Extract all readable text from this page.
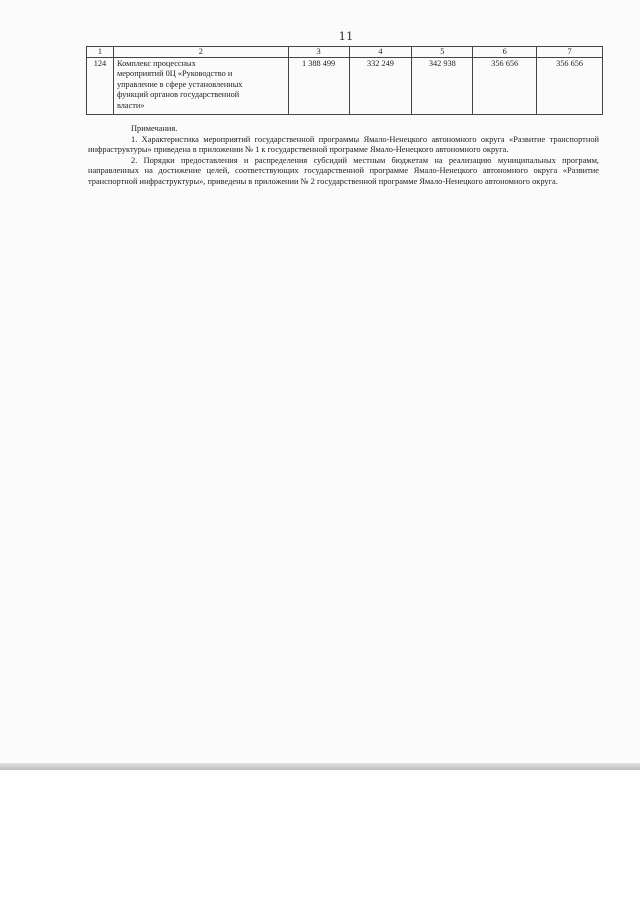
11
1	2	3	4	5	6	7
124	Комплекс процессных
мероприятий 0Ц «Руководство и
управление в сфере установленных
функций органов государственной
власти»	1 388 499	332 249	342 938	356 656	356 656

Примечания.

1. Характеристика мероприятий государственной программы Ямало-Ненецкого автономного округа «Развитие транспортной инфраструктуры» приведена в приложении № 1 к государственной программе Ямало-Ненецкого автономного округа.

2. Порядки предоставления и распределения субсидий местным бюджетам на реализацию муниципальных программ, направленных на достижение целей, соответствующих государственной программе Ямало-Ненецкого автономного округа «Развитие транспортной инфраструктуры», приведены в приложении № 2 государственной программе Ямало-Ненецкого автономного округа.
